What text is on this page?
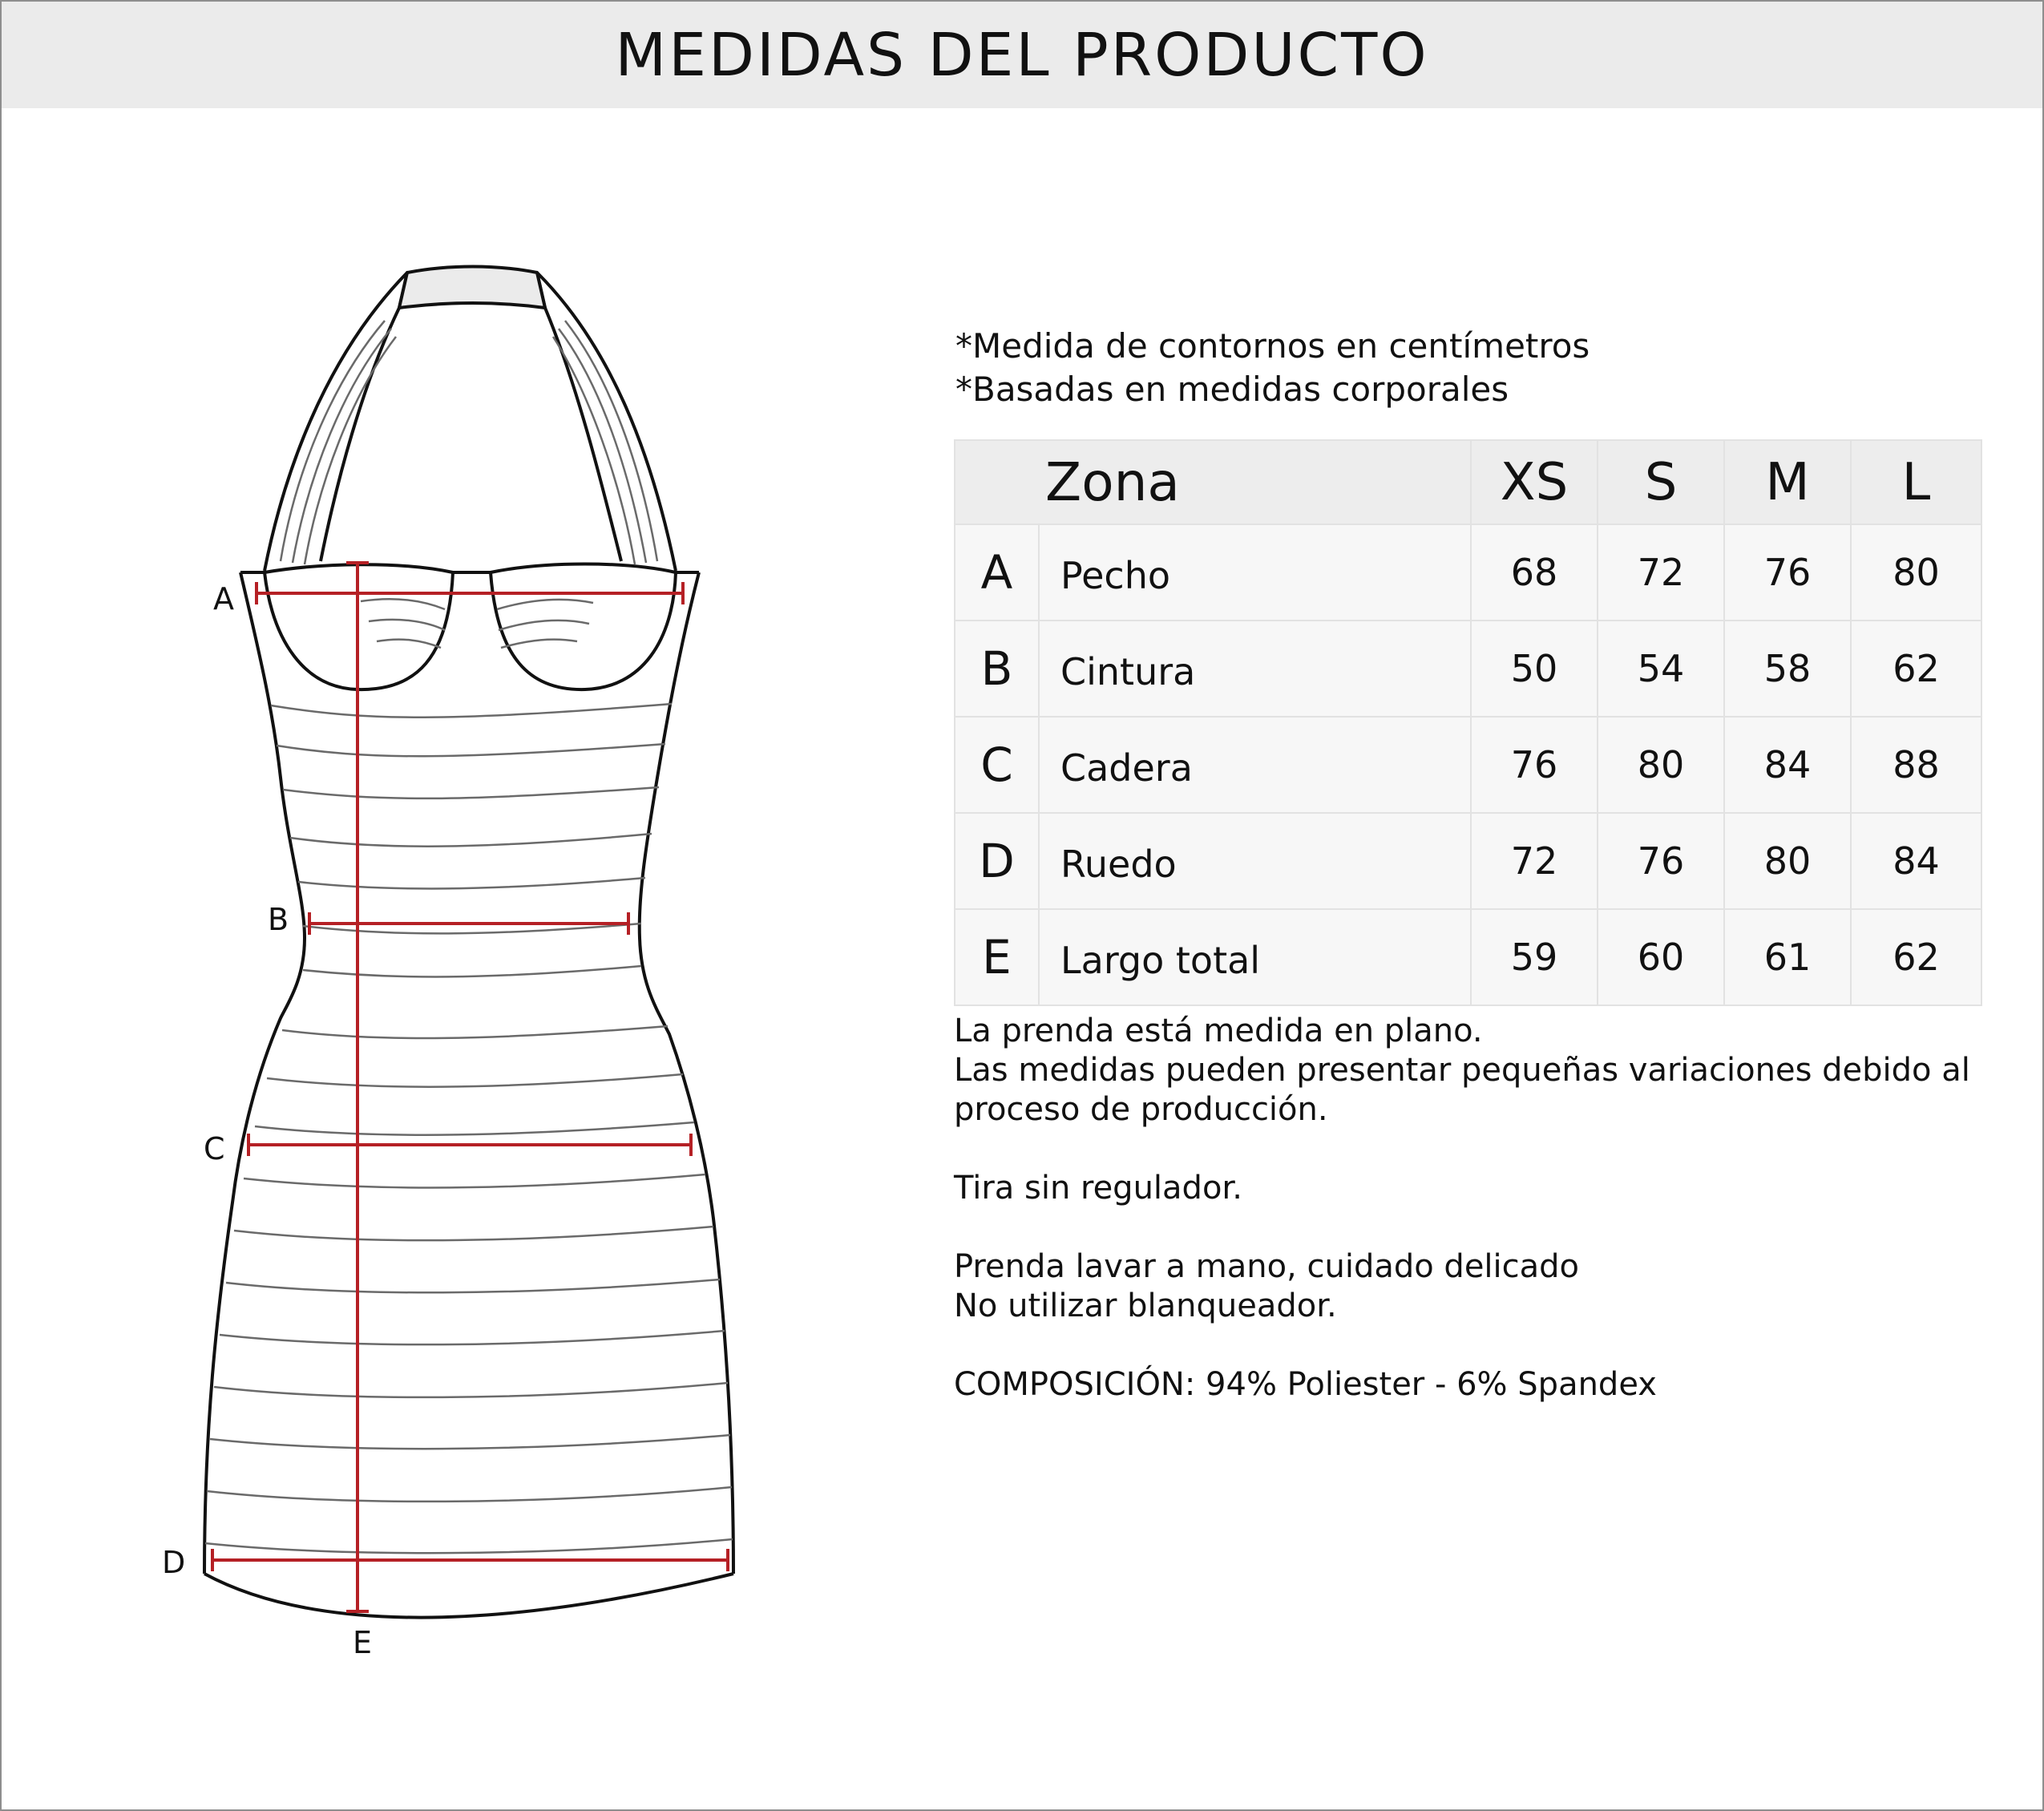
MEDIDAS DEL PRODUCTO
A
B
C
D
E
*Medida de contornos en centímetros
*Basadas en medidas corporales
	Zona	XS	S	M	L
A	Pecho	68	72	76	80
B	Cintura	50	54	58	62
C	Cadera	76	80	84	88
D	Ruedo	72	76	80	84
E	Largo total	59	60	61	62
La prenda está medida en plano.
Las medidas pueden presentar pequeñas variaciones debido al
proceso de producción.
Tira sin regulador.
Prenda lavar a mano, cuidado delicado
No utilizar blanqueador.
COMPOSICIÓN: 94% Poliester - 6% Spandex
